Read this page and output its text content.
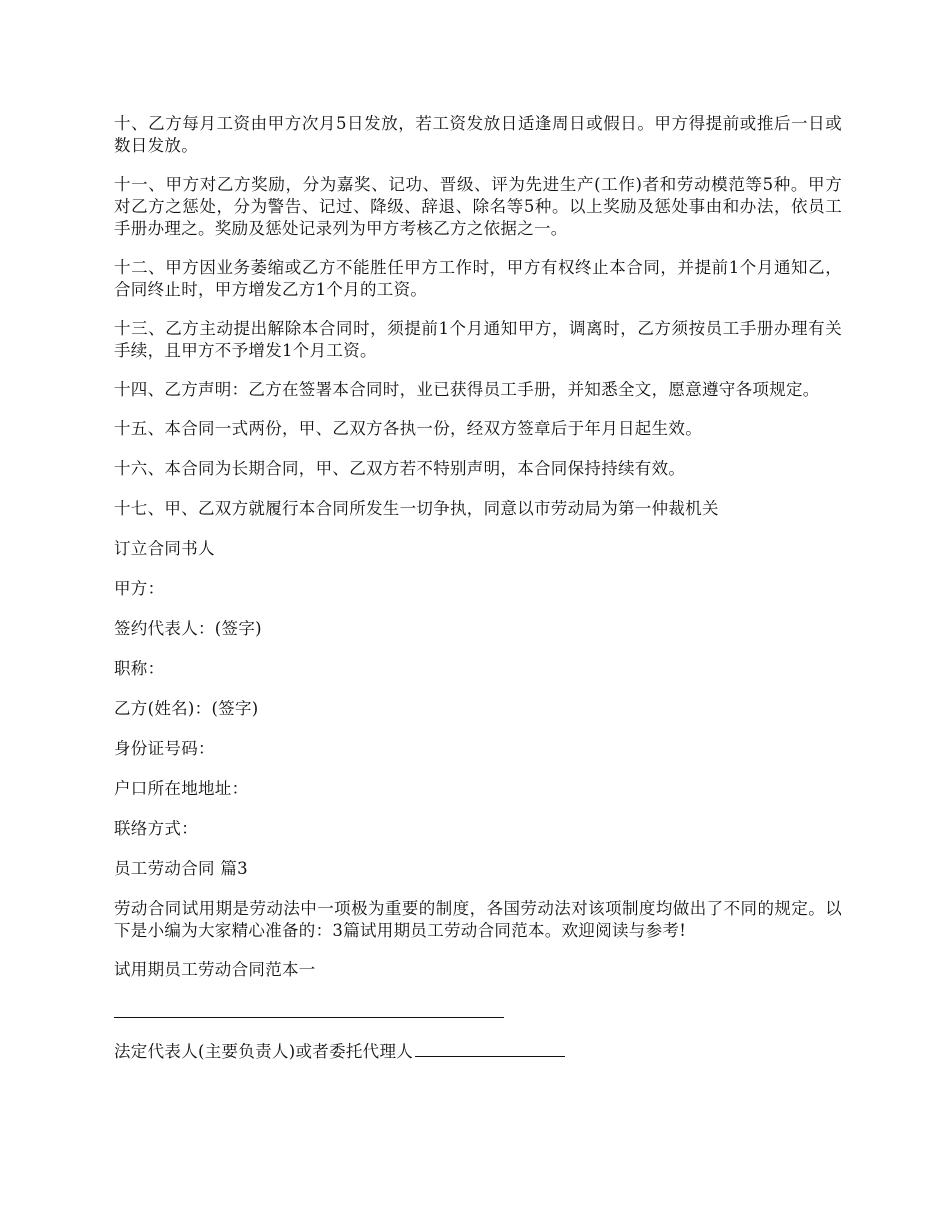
十、乙方每月工资由甲方次月5日发放，若工资发放日适逢周日或假日。甲方得提前或推后一日或数日发放。

十一、甲方对乙方奖励，分为嘉奖、记功、晋级、评为先进生产(工作)者和劳动模范等5种。甲方对乙方之惩处，分为警告、记过、降级、辞退、除名等5种。以上奖励及惩处事由和办法，依员工手册办理之。奖励及惩处记录列为甲方考核乙方之依据之一。

十二、甲方因业务萎缩或乙方不能胜任甲方工作时，甲方有权终止本合同，并提前1个月通知乙，合同终止时，甲方增发乙方1个月的工资。

十三、乙方主动提出解除本合同时，须提前1个月通知甲方，调离时，乙方须按员工手册办理有关手续，且甲方不予增发1个月工资。

十四、乙方声明：乙方在签署本合同时，业已获得员工手册，并知悉全文，愿意遵守各项规定。

十五、本合同一式两份，甲、乙双方各执一份，经双方签章后于年月日起生效。

十六、本合同为长期合同，甲、乙双方若不特别声明，本合同保持持续有效。

十七、甲、乙双方就履行本合同所发生一切争执，同意以市劳动局为第一仲裁机关

订立合同书人

甲方：

签约代表人：(签字)

职称：

乙方(姓名)：(签字)

身份证号码：

户口所在地地址：

联络方式：

员工劳动合同 篇3

劳动合同试用期是劳动法中一项极为重要的制度，各国劳动法对该项制度均做出了不同的规定。以下是小编为大家精心准备的：3篇试用期员工劳动合同范本。欢迎阅读与参考!

试用期员工劳动合同范本一

法定代表人(主要负责人)或者委托代理人
